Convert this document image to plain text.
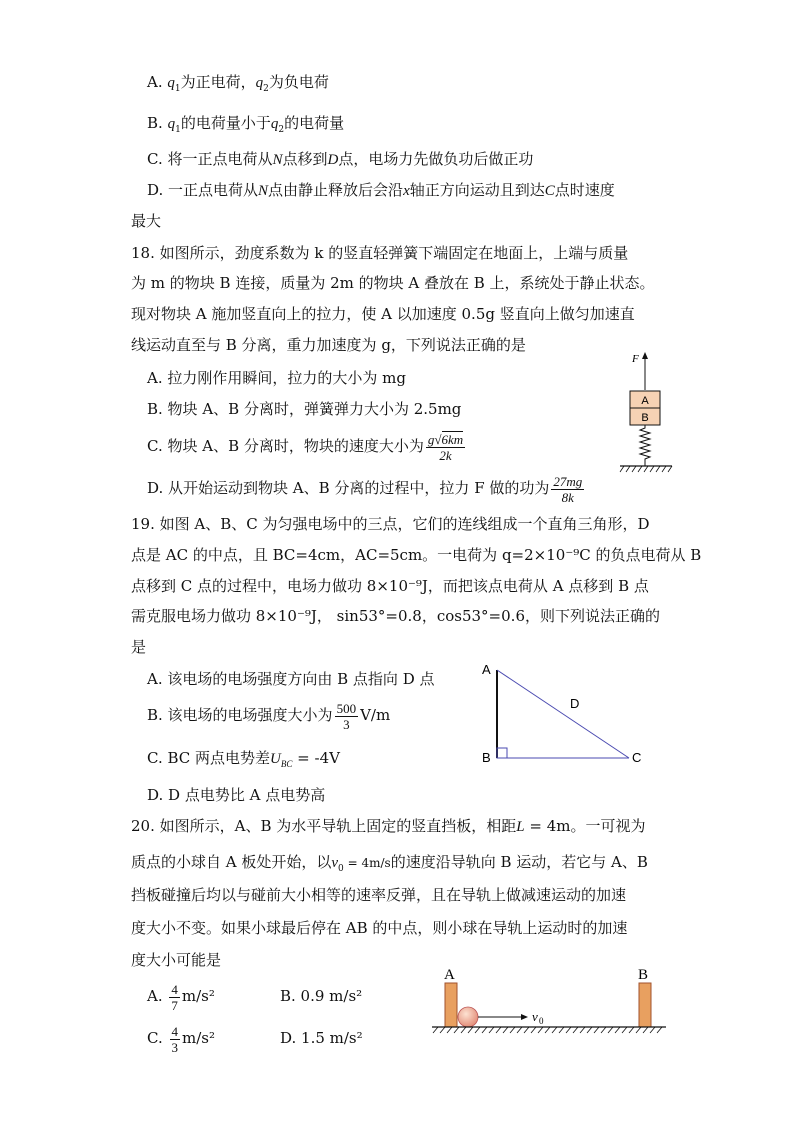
A. $q_1$为正电荷，$q_2$为负电荷
B. $q_1$的电荷量小于$q_2$的电荷量
C. 将一正点电荷从N点移到D点，电场力先做负功后做正功
D. 一正点电荷从N点由静止释放后会沿x轴正方向运动且到达C点时速度
最大
18. 如图所示，劲度系数为 k 的竖直轻弹簧下端固定在地面上，上端与质量
为 m 的物块 B 连接，质量为 2m 的物块 A 叠放在 B 上，系统处于静止状态。
现对物块 A 施加竖直向上的拉力，使 A 以加速度 0.5g 竖直向上做匀加速直
线运动直至与 B 分离，重力加速度为 g，下列说法正确的是
A. 拉力刚作用瞬间，拉力的大小为 mg
B. 物块 A、B 分离时，弹簧弹力大小为 2.5mg
C. 物块 A、B 分离时，物块的速度大小为 $\frac{g√6km}{2k}$
D. 从开始运动到物块 A、B 分离的过程中，拉力 F 做的功为 $\frac{27mg}{8k}$
F
A
B
19. 如图 A、B、C 为匀强电场中的三点，它们的连线组成一个直角三角形，D
点是 AC 的中点，且 BC=4cm，AC=5cm。一电荷为 q=2×10⁻⁹C 的负点电荷从 B
点移到 C 点的过程中，电场力做功 8×10⁻⁹J，而把该点电荷从 A 点移到 B 点
需克服电场力做功 8×10⁻⁹J， sin53°=0.8，cos53°=0.6，则下列说法正确的
是
A. 该电场的电场强度方向由 B 点指向 D 点
B. 该电场的电场强度大小为 $\frac{500}{3} V/m$
C. BC 两点电势差$U_{BC} = -4V$
D. D 点电势比 A 点电势高
A
B	C
D
20. 如图所示，A、B 为水平导轨上固定的竖直挡板，相距L = 4m。一可视为
质点的小球自 A 板处开始，以$v_0 = 4m/s$的速度沿导轨向 B 运动，若它与 A、B
挡板碰撞后均以与碰前大小相等的速率反弹，且在导轨上做减速运动的加速
度大小不变。如果小球最后停在 AB 的中点，则小球在导轨上运动时的加速
度大小可能是
A. $\frac{4}{7} m/s^2$	B. 0.9 m/s²
C. $\frac{4}{3} m/s^2$	D. 1.5 m/s²
A	B
v 0
